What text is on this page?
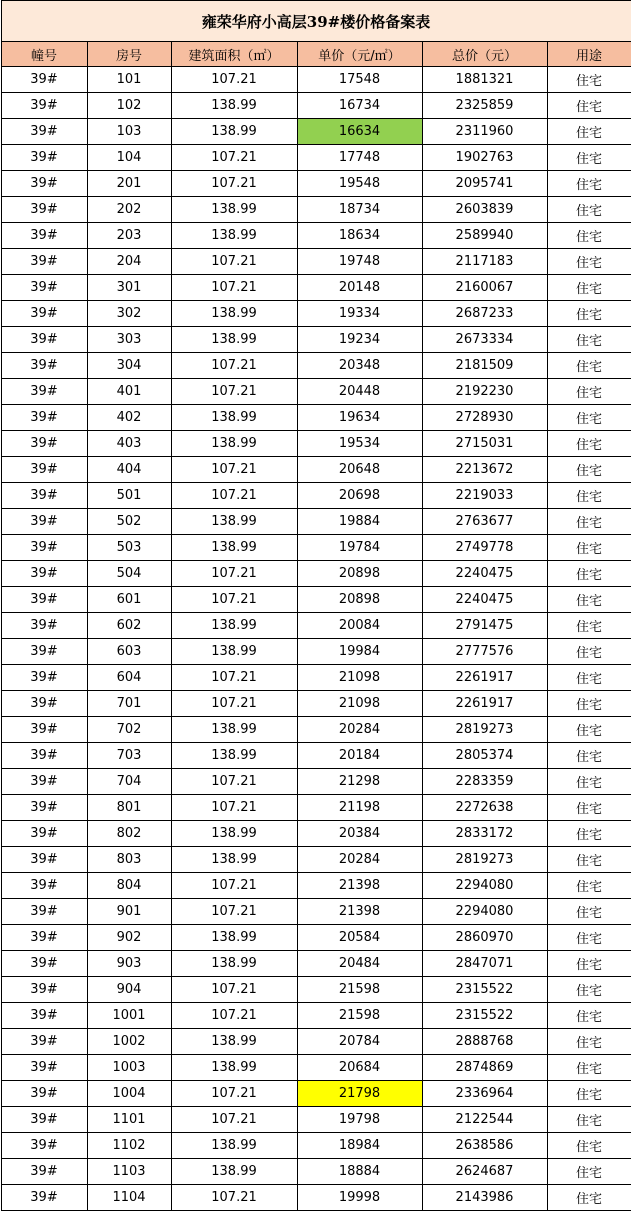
雍荣华府小高层39#楼价格备案表					
幢号	房号	建筑面积（㎡）	单价（元/㎡）	总价（元）	用途
39#	101	107.21	17548	1881321	住宅
39#	102	138.99	16734	2325859	住宅
39#	103	138.99	16634	2311960	住宅
39#	104	107.21	17748	1902763	住宅
39#	201	107.21	19548	2095741	住宅
39#	202	138.99	18734	2603839	住宅
39#	203	138.99	18634	2589940	住宅
39#	204	107.21	19748	2117183	住宅
39#	301	107.21	20148	2160067	住宅
39#	302	138.99	19334	2687233	住宅
39#	303	138.99	19234	2673334	住宅
39#	304	107.21	20348	2181509	住宅
39#	401	107.21	20448	2192230	住宅
39#	402	138.99	19634	2728930	住宅
39#	403	138.99	19534	2715031	住宅
39#	404	107.21	20648	2213672	住宅
39#	501	107.21	20698	2219033	住宅
39#	502	138.99	19884	2763677	住宅
39#	503	138.99	19784	2749778	住宅
39#	504	107.21	20898	2240475	住宅
39#	601	107.21	20898	2240475	住宅
39#	602	138.99	20084	2791475	住宅
39#	603	138.99	19984	2777576	住宅
39#	604	107.21	21098	2261917	住宅
39#	701	107.21	21098	2261917	住宅
39#	702	138.99	20284	2819273	住宅
39#	703	138.99	20184	2805374	住宅
39#	704	107.21	21298	2283359	住宅
39#	801	107.21	21198	2272638	住宅
39#	802	138.99	20384	2833172	住宅
39#	803	138.99	20284	2819273	住宅
39#	804	107.21	21398	2294080	住宅
39#	901	107.21	21398	2294080	住宅
39#	902	138.99	20584	2860970	住宅
39#	903	138.99	20484	2847071	住宅
39#	904	107.21	21598	2315522	住宅
39#	1001	107.21	21598	2315522	住宅
39#	1002	138.99	20784	2888768	住宅
39#	1003	138.99	20684	2874869	住宅
39#	1004	107.21	21798	2336964	住宅
39#	1101	107.21	19798	2122544	住宅
39#	1102	138.99	18984	2638586	住宅
39#	1103	138.99	18884	2624687	住宅
39#	1104	107.21	19998	2143986	住宅
